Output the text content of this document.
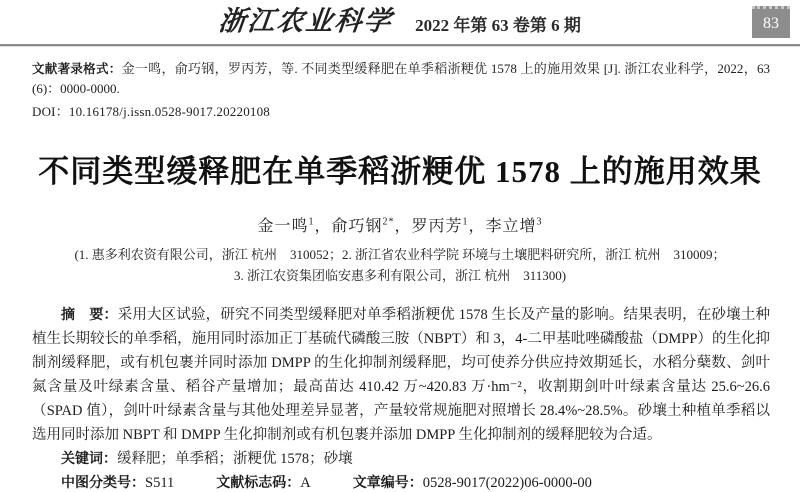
浙江农业科学 2022 年第 63 卷第 6 期	83

文献著录格式：金一鸣，俞巧钢，罗丙芳，等. 不同类型缓释肥在单季稻浙粳优 1578 上的施用效果 [J]. 浙江农业科学，2022，63 (6)：0000-0000.

DOI：10.16178/j.issn.0528-9017.20220108

不同类型缓释肥在单季稻浙粳优 1578 上的施用效果
金一鸣$^1$，俞巧钢$^{2*}$，罗丙芳$^1$，李立增$^3$
(1. 惠多利农资有限公司，浙江 杭州　310052；2. 浙江省农业科学院 环境与土壤肥料研究所，浙江 杭州　310009；
3. 浙江农资集团临安惠多利有限公司，浙江 杭州　311300)

摘　要：采用大区试验，研究不同类型缓释肥对单季稻浙粳优 1578 生长及产量的影响。结果表明，在砂壤土种植生长期较长的单季稻，施用同时添加正丁基硫代磷酸三胺（NBPT）和 3，4-二甲基吡唑磷酸盐（DMPP）的生化抑制剂缓释肥，或有机包裹并同时添加 DMPP 的生化抑制剂缓释肥，均可使养分供应持效期延长，水稻分蘖数、剑叶氮含量及叶绿素含量、稻谷产量增加；最高苗达 410.42 万~420.83 万·hm⁻²，收割期剑叶叶绿素含量达 25.6~26.6（SPAD 值），剑叶叶绿素含量与其他处理差异显著，产量较常规施肥对照增长 28.4%~28.5%。砂壤土种植单季稻以选用同时添加 NBPT 和 DMPP 生化抑制剂或有机包裹并添加 DMPP 生化抑制剂的缓释肥较为合适。

关键词：缓释肥；单季稻；浙粳优 1578；砂壤

中图分类号：S511	文献标志码：A	文章编号：0528-9017(2022)06-0000-00
